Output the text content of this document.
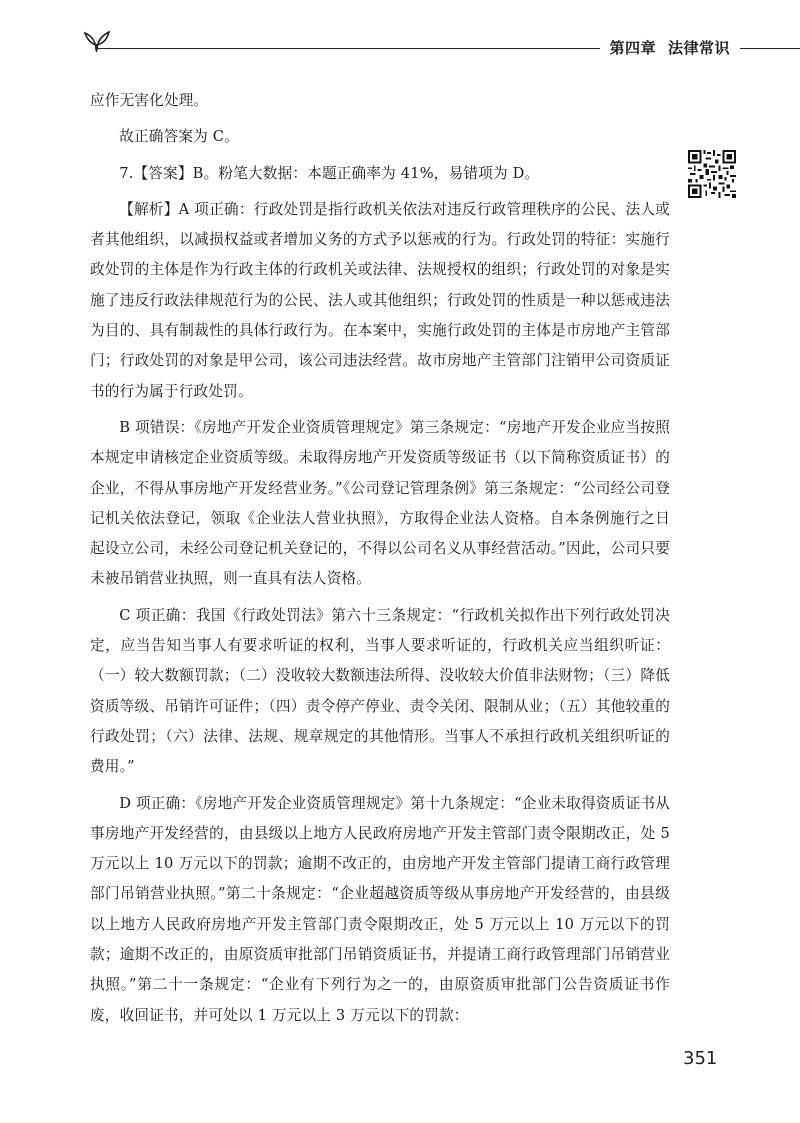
第四章 法律常识

应作无害化处理。

故正确答案为 C。

7.【答案】B。粉笔大数据：本题正确率为 41%，易错项为 D。

【解析】A 项正确：行政处罚是指行政机关依法对违反行政管理秩序的公民、法人或者其他组织，以减损权益或者增加义务的方式予以惩戒的行为。行政处罚的特征：实施行政处罚的主体是作为行政主体的行政机关或法律、法规授权的组织；行政处罚的对象是实施了违反行政法律规范行为的公民、法人或其他组织；行政处罚的性质是一种以惩戒违法为目的、具有制裁性的具体行政行为。在本案中，实施行政处罚的主体是市房地产主管部门；行政处罚的对象是甲公司，该公司违法经营。故市房地产主管部门注销甲公司资质证书的行为属于行政处罚。

B 项错误：《房地产开发企业资质管理规定》第三条规定：“房地产开发企业应当按照本规定申请核定企业资质等级。未取得房地产开发资质等级证书（以下简称资质证书）的企业，不得从事房地产开发经营业务。”《公司登记管理条例》第三条规定：“公司经公司登记机关依法登记，领取《企业法人营业执照》，方取得企业法人资格。自本条例施行之日起设立公司，未经公司登记机关登记的，不得以公司名义从事经营活动。”因此，公司只要未被吊销营业执照，则一直具有法人资格。

C 项正确：我国《行政处罚法》第六十三条规定：“行政机关拟作出下列行政处罚决定，应当告知当事人有要求听证的权利，当事人要求听证的，行政机关应当组织听证：（一）较大数额罚款；（二）没收较大数额违法所得、没收较大价值非法财物；（三）降低资质等级、吊销许可证件；（四）责令停产停业、责令关闭、限制从业；（五）其他较重的行政处罚；（六）法律、法规、规章规定的其他情形。当事人不承担行政机关组织听证的费用。”

D 项正确：《房地产开发企业资质管理规定》第十九条规定：“企业未取得资质证书从事房地产开发经营的，由县级以上地方人民政府房地产开发主管部门责令限期改正，处 5 万元以上 10 万元以下的罚款；逾期不改正的，由房地产开发主管部门提请工商行政管理部门吊销营业执照。”第二十条规定：“企业超越资质等级从事房地产开发经营的，由县级以上地方人民政府房地产开发主管部门责令限期改正，处 5 万元以上 10 万元以下的罚款；逾期不改正的，由原资质审批部门吊销资质证书，并提请工商行政管理部门吊销营业执照。”第二十一条规定：“企业有下列行为之一的，由原资质审批部门公告资质证书作废，收回证书，并可处以 1 万元以上 3 万元以下的罚款：

351
